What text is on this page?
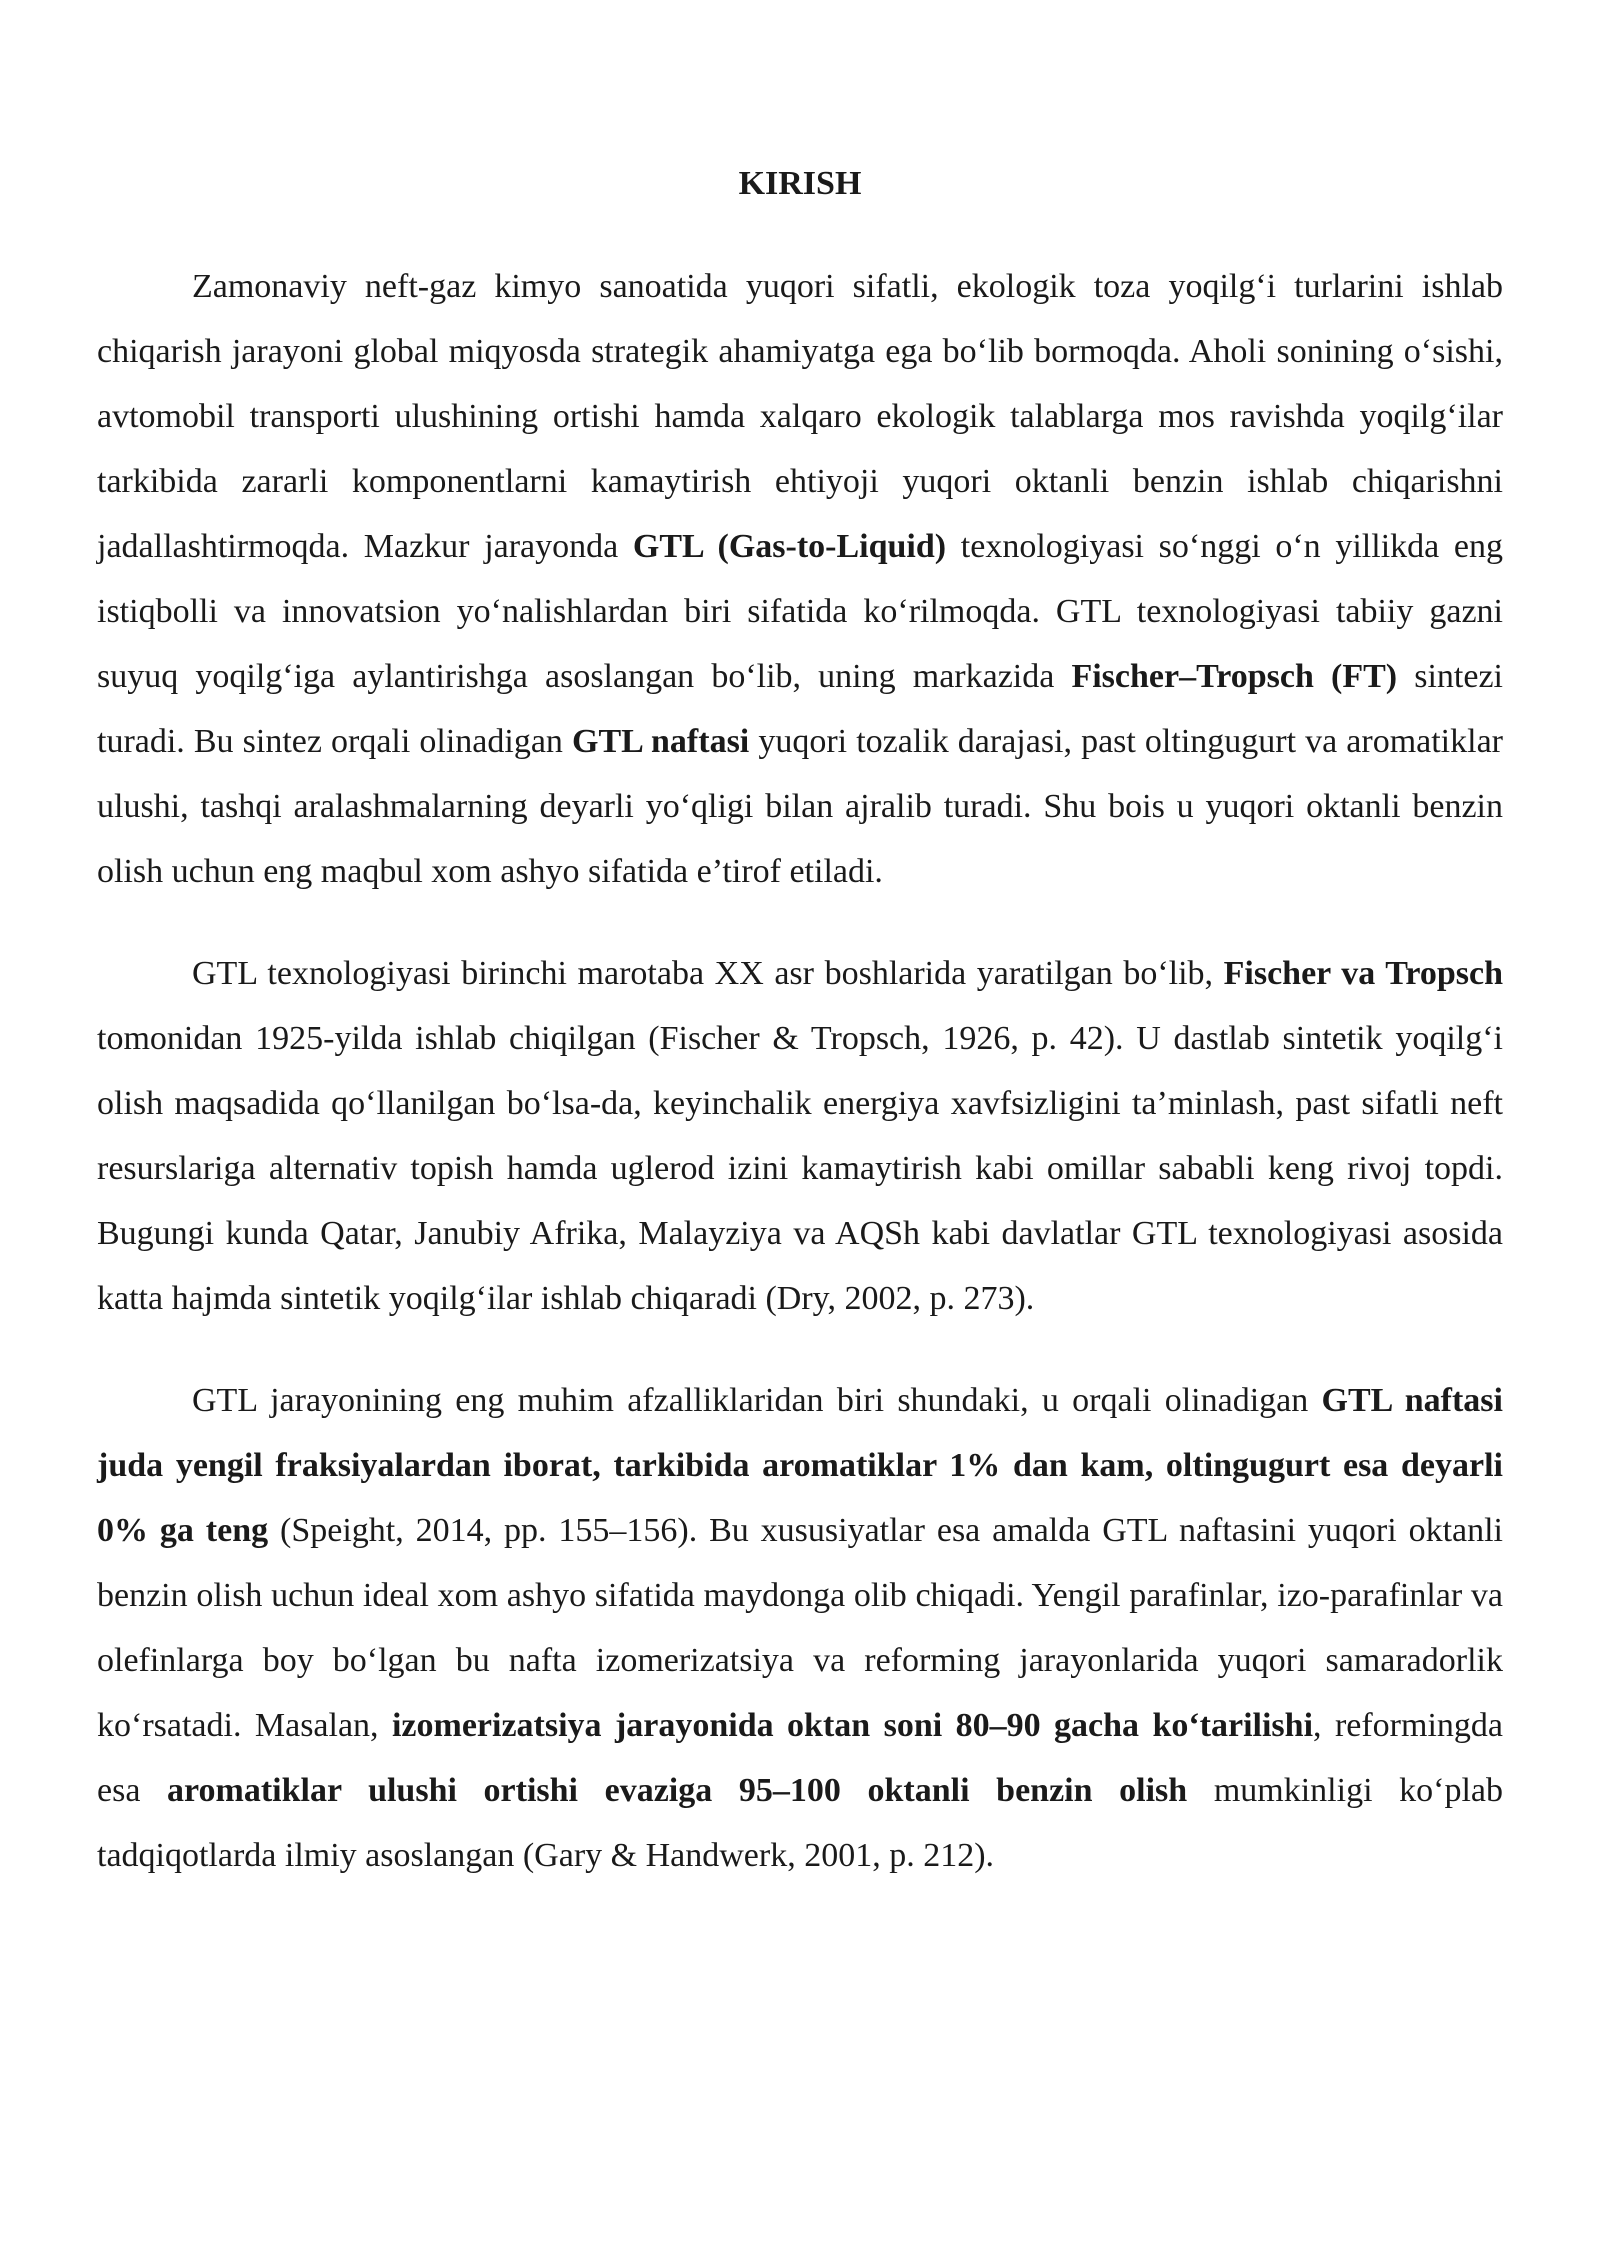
KIRISH

Zamonaviy neft-gaz kimyo sanoatida yuqori sifatli, ekologik toza yoqilg‘i turlarini ishlab chiqarish jarayoni global miqyosda strategik ahamiyatga ega bo‘lib bormoqda. Aholi sonining o‘sishi, avtomobil transporti ulushining ortishi hamda xalqaro ekologik talablarga mos ravishda yoqilg‘ilar tarkibida zararli komponentlarni kamaytirish ehtiyoji yuqori oktanli benzin ishlab chiqarishni jadallashtirmoqda. Mazkur jarayonda GTL (Gas-to-Liquid) texnologiyasi so‘nggi o‘n yillikda eng istiqbolli va innovatsion yo‘nalishlardan biri sifatida ko‘rilmoqda. GTL texnologiyasi tabiiy gazni suyuq yoqilg‘iga aylantirishga asoslangan bo‘lib, uning markazida Fischer–Tropsch (FT) sintezi turadi. Bu sintez orqali olinadigan GTL naftasi yuqori tozalik darajasi, past oltingugurt va aromatiklar ulushi, tashqi aralashmalarning deyarli yo‘qligi bilan ajralib turadi. Shu bois u yuqori oktanli benzin olish uchun eng maqbul xom ashyo sifatida e’tirof etiladi.

GTL texnologiyasi birinchi marotaba XX asr boshlarida yaratilgan bo‘lib, Fischer va Tropsch tomonidan 1925-yilda ishlab chiqilgan (Fischer & Tropsch, 1926, p. 42). U dastlab sintetik yoqilg‘i olish maqsadida qo‘llanilgan bo‘lsa-da, keyinchalik energiya xavfsizligini ta’minlash, past sifatli neft resurslariga alternativ topish hamda uglerod izini kamaytirish kabi omillar sababli keng rivoj topdi. Bugungi kunda Qatar, Janubiy Afrika, Malayziya va AQSh kabi davlatlar GTL texnologiyasi asosida katta hajmda sintetik yoqilg‘ilar ishlab chiqaradi (Dry, 2002, p. 273).

GTL jarayonining eng muhim afzalliklaridan biri shundaki, u orqali olinadigan GTL naftasi juda yengil fraksiyalardan iborat, tarkibida aromatiklar 1% dan kam, oltingugurt esa deyarli 0% ga teng (Speight, 2014, pp. 155–156). Bu xususiyatlar esa amalda GTL naftasini yuqori oktanli benzin olish uchun ideal xom ashyo sifatida maydonga olib chiqadi. Yengil parafinlar, izo-parafinlar va olefinlarga boy bo‘lgan bu nafta izomerizatsiya va reforming jarayonlarida yuqori samaradorlik ko‘rsatadi. Masalan, izomerizatsiya jarayonida oktan soni 80–90 gacha ko‘tarilishi, reformingda esa aromatiklar ulushi ortishi evaziga 95–100 oktanli benzin olish mumkinligi ko‘plab tadqiqotlarda ilmiy asoslangan (Gary & Handwerk, 2001, p. 212).
